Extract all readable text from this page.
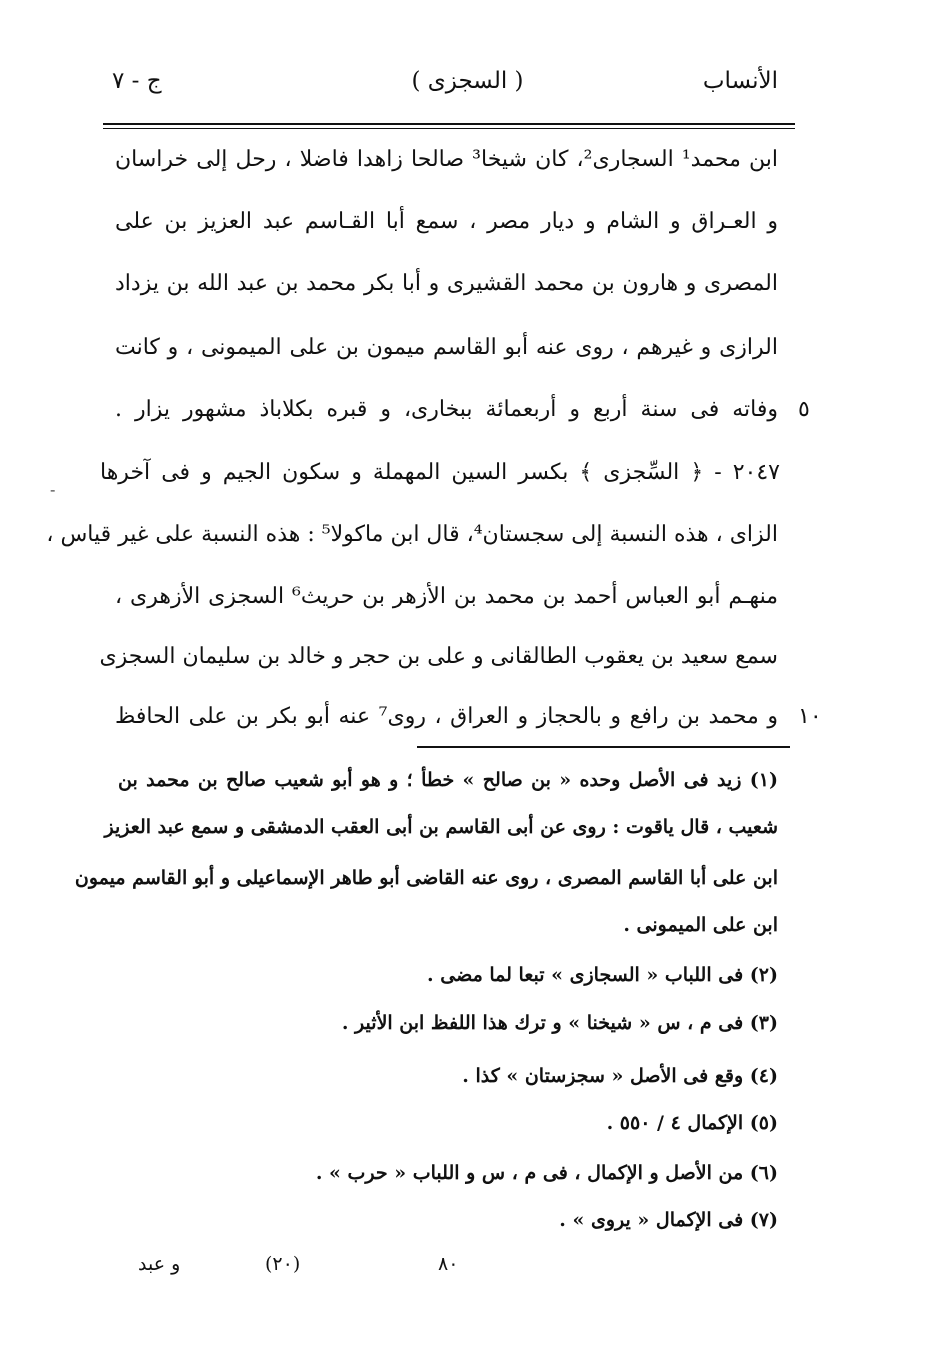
الأنساب
( السجزى )
ج - ٧
ابن محمد¹ السجارى²، كان شيخا³ صالحا زاهدا فاضلا ، رحل إلى خراسان
و العـراق و الشام و ديار مصر ، سمع أبا القـاسم عبد العزيز بن على
المصرى و هارون بن محمد القشيرى و أبا بكر محمد بن عبد الله بن يزداد
الرازى و غيرهم ، روى عنه أبو القاسم ميمون بن على الميمونى ، و كانت
وفاته فى سنة أربع و أربعمائة ببخارى، و قبره بكلاباذ مشهور يزار . ٥
٢٠٤٧ - ﴿ السِّجزى ﴾ بكسر السين المهملة و سكون الجيم و فى آخرها
-
الزاى ، هذه النسبة إلى سجستان⁴، قال ابن ماكولا⁵ : هذه النسبة على غير قياس ،
منهـم أبو العباس أحمد بن محمد بن الأزهر بن حريث⁶ السجزى الأزهرى ،
سمع سعيد بن يعقوب الطالقانى و على بن حجر و خالد بن سليمان السجزى
و محمد بن رافع و بالحجاز و العراق ، روى⁷ عنه أبو بكر بن على الحافظ ١٠
(١) زيد فى الأصل وحده « بن صالح » خطأ ؛ و هو أبو شعيب صالح بن محمد بن
شعيب ، قال ياقوت : روى عن أبى القاسم بن أبى العقب الدمشقى و سمع عبد العزيز
ابن على أبا القاسم المصرى ، روى عنه القاضى أبو طاهر الإسماعيلى و أبو القاسم ميمون
ابن على الميمونى .
(٢) فى اللباب « السجازى » تبعا لما مضى .
(٣) فى م ، س « شيخنا » و ترك هذا اللفظ ابن الأثير .
(٤) وقع فى الأصل « سجزستان » كذا .
(٥) الإكمال ٤ / ٥٥٠ .
(٦) من الأصل و الإكمال ، فى م ، س و اللباب « حرب » .
(٧) فى الإكمال « يروى » .
و عبد	(٢٠)	٨٠
